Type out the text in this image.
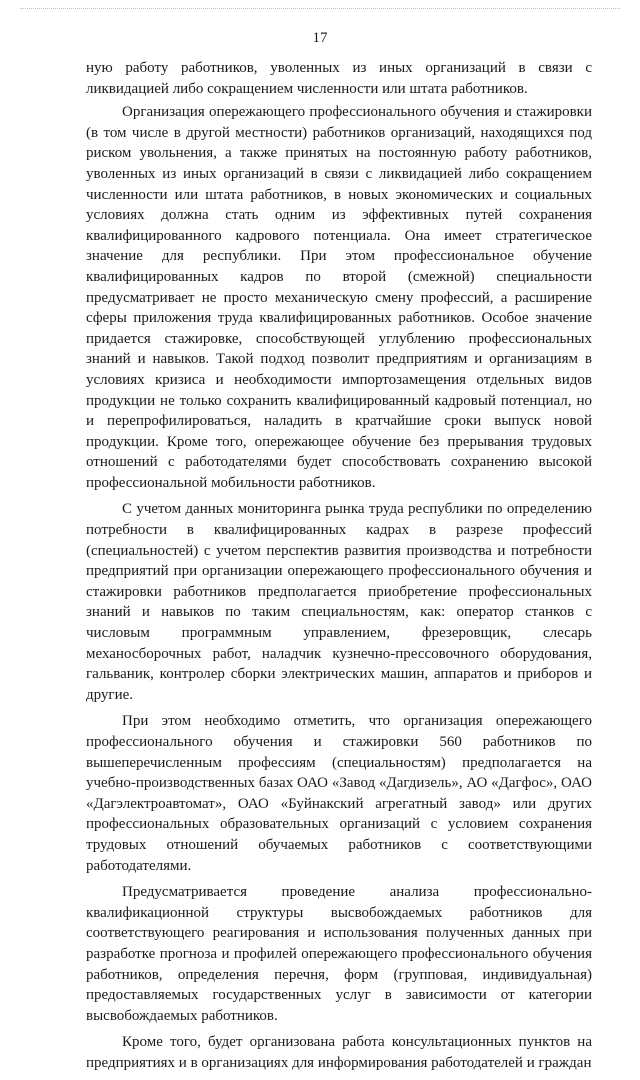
17

ную работу работников, уволенных из иных организаций в связи с ликвидацией либо сокращением численности или штата работников.

Организация опережающего профессионального обучения и стажировки (в том числе в другой местности) работников организаций, находящихся под риском увольнения, а также принятых на постоянную работу работников, уволенных из иных организаций в связи с ликвидацией либо сокращением численности или штата работников, в новых экономических и социальных условиях должна стать одним из эффективных путей сохранения квалифицированного кадрового потенциала. Она имеет стратегическое значение для республики. При этом профессиональное обучение квалифицированных кадров по второй (смежной) специальности предусматривает не просто механическую смену профессий, а расширение сферы приложения труда квалифицированных работников. Особое значение придается стажировке, способствующей углублению профессиональных знаний и навыков. Такой подход позволит предприятиям и организациям в условиях кризиса и необходимости импортозамещения отдельных видов продукции не только сохранить квалифицированный кадровый потенциал, но и перепрофилироваться, наладить в кратчайшие сроки выпуск новой продукции. Кроме того, опережающее обучение без прерывания трудовых отношений с работодателями будет способствовать сохранению высокой профессиональной мобильности работников.

С учетом данных мониторинга рынка труда республики по определению потребности в квалифицированных кадрах в разрезе профессий (специальностей) с учетом перспектив развития производства и потребности предприятий при организации опережающего профессионального обучения и стажировки работников предполагается приобретение профессиональных знаний и навыков по таким специальностям, как: оператор станков с числовым программным управлением, фрезеровщик, слесарь механосборочных работ, наладчик кузнечно-прессовочного оборудования, гальваник, контролер сборки электрических машин, аппаратов и приборов и другие.

При этом необходимо отметить, что организация опережающего профессионального обучения и стажировки 560 работников по вышеперечисленным профессиям (специальностям) предполагается на учебно-производственных базах ОАО «Завод «Дагдизель», АО «Дагфос», ОАО «Дагэлектроавтомат», ОАО «Буйнакский агрегатный завод» или других профессиональных образовательных организаций с условием сохранения трудовых отношений обучаемых работников с соответствующими работодателями.

Предусматривается проведение анализа профессионально-квалификационной структуры высвобождаемых работников для соответствующего реагирования и использования полученных данных при разработке прогноза и профилей опережающего профессионального обучения работников, определения перечня, форм (групповая, индивидуальная) предоставляемых государственных услуг в зависимости от категории высвобождаемых работников.

Кроме того, будет организована работа консультационных пунктов на предприятиях и в организациях для информирования работодателей и граждан
